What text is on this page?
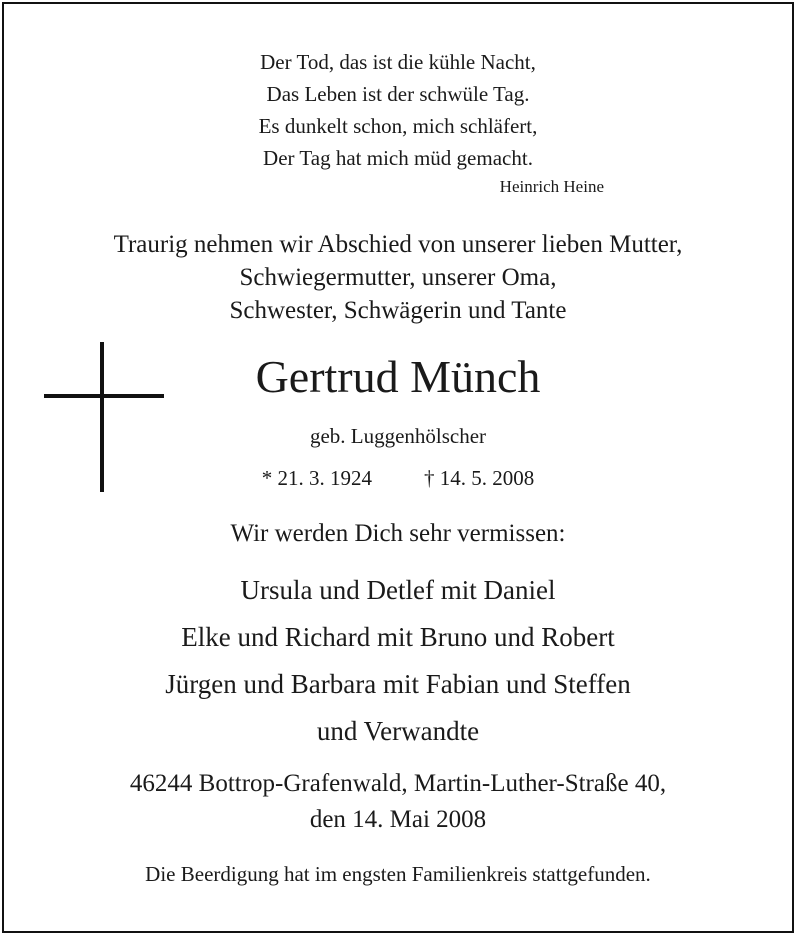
Der Tod, das ist die kühle Nacht,
Das Leben ist der schwüle Tag.
Es dunkelt schon, mich schläfert,
Der Tag hat mich müd gemacht.
Heinrich Heine
Traurig nehmen wir Abschied von unserer lieben Mutter,
Schwiegermutter, unserer Oma,
Schwester, Schwägerin und Tante
Gertrud Münch
geb. Luggenhölscher
* 21. 3. 1924 † 14. 5. 2008
Wir werden Dich sehr vermissen:
Ursula und Detlef mit Daniel
Elke und Richard mit Bruno und Robert
Jürgen und Barbara mit Fabian und Steffen
und Verwandte
46244 Bottrop-Grafenwald, Martin-Luther-Straße 40,
den 14. Mai 2008
Die Beerdigung hat im engsten Familienkreis stattgefunden.
